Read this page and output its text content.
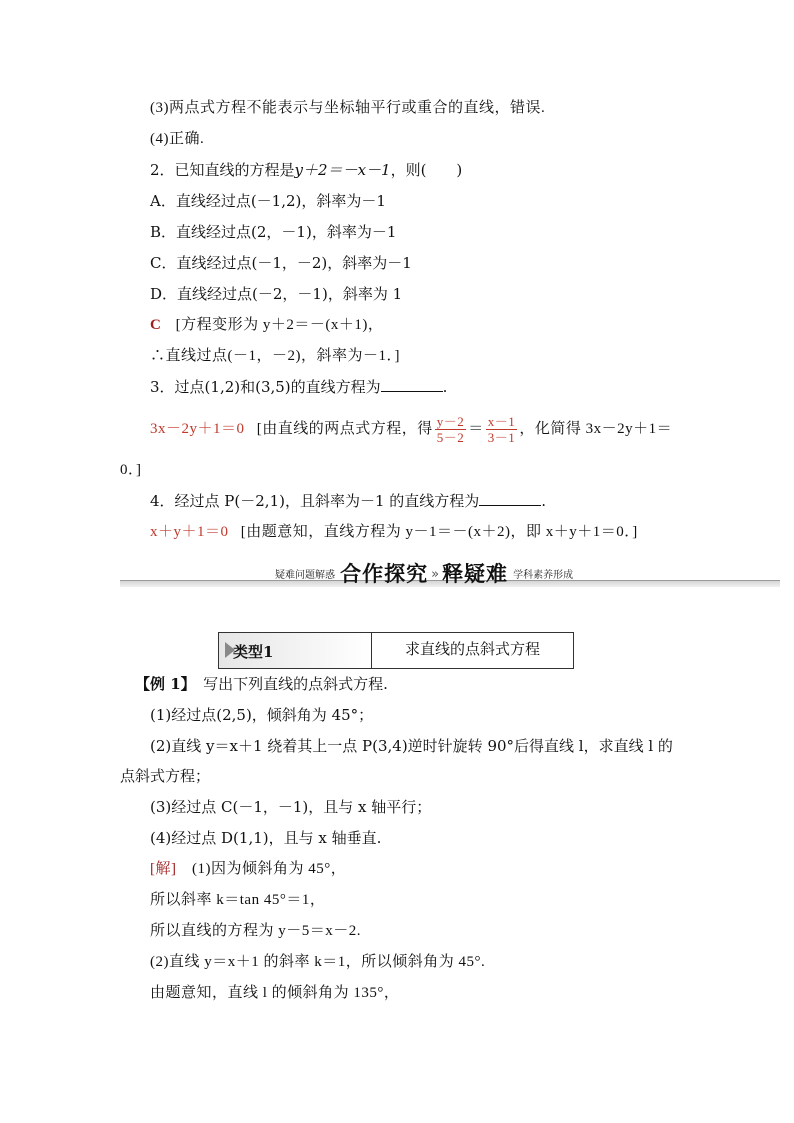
(3)两点式方程不能表示与坐标轴平行或重合的直线，错误.
(4)正确.
2．已知直线的方程是y＋2＝－x－1，则(　　)
A．直线经过点(－1,2)，斜率为－1
B．直线经过点(2，－1)，斜率为－1
C．直线经过点(－1，－2)，斜率为－1
D．直线经过点(－2，－1)，斜率为 1
C [方程变形为 y＋2＝－(x＋1)，
∴直线过点(－1，－2)，斜率为－1．]
3．过点(1,2)和(3,5)的直线方程为	.
3x－2y＋1＝0 [由直线的两点式方程，得 $\frac{y-2}{5-2} = \frac{x-1}{3-1}$ ，化简得 3x－2y＋1＝
0．]
4．经过点 P(－2,1)，且斜率为－1 的直线方程为	.
x＋y＋1＝0 [由题意知，直线方程为 y－1＝－(x＋2)，即 x＋y＋1＝0．]
疑难问题解惑 合作探究 » 释疑难 学科素养形成
类型1	求直线的点斜式方程
【例 1】　写出下列直线的点斜式方程.
(1)经过点(2,5)，倾斜角为 45°；
(2)直线 y＝x＋1 绕着其上一点 P(3,4)逆时针旋转 90°后得直线 l，求直线 l 的
点斜式方程；
(3)经过点 C(－1，－1)，且与 x 轴平行；
(4)经过点 D(1,1)，且与 x 轴垂直.
[解]　(1)因为倾斜角为 45°，
所以斜率 k＝tan 45°＝1，
所以直线的方程为 y－5＝x－2.
(2)直线 y＝x＋1 的斜率 k＝1，所以倾斜角为 45°.
由题意知，直线 l 的倾斜角为 135°，
